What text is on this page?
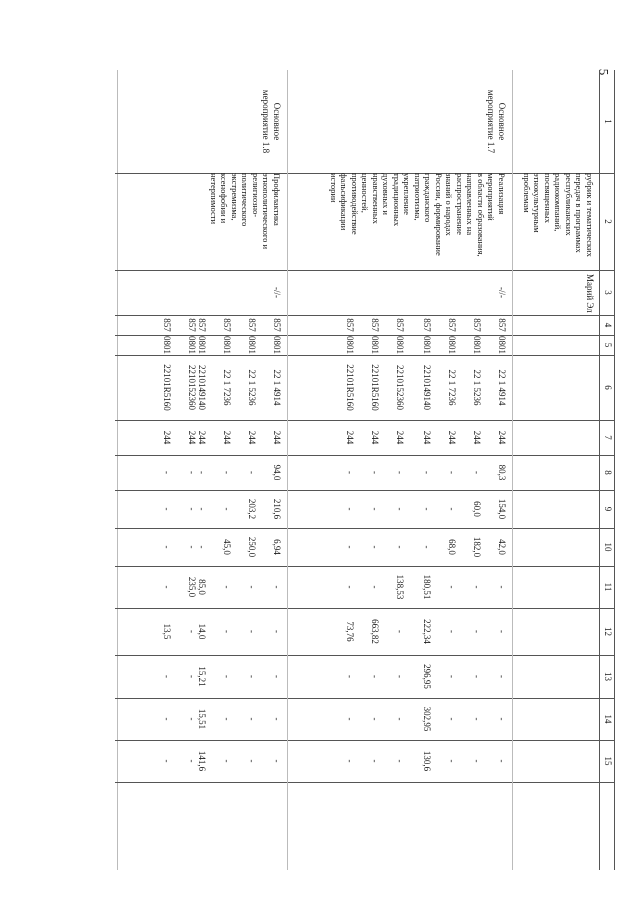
5
1
2
3
4
5
6
7
8
9
10
11
12
13
14
15
рубрик и тематических
передач в программах
республиканских
радиокомпаний,
посвященных
этнокультурным
проблемам
Марий Эл
Основное
мероприятие 1.7
Реализация
мероприятий
в области образования,
направленных на
распространение
знаний о народах
России, формирование
гражданского
патриотизма,
укрепление
традиционных
духовных и
нравственных
ценностей,
противодействие
фальсификации
истории
-//-
857
0801
22 1 4914
244
80,3
154,0
42,0
-
-
-
-
-
857
0801
22 1 5236
244
-
60,0
182,0
-
-
-
-
-
857
0801
22 1 7236
244
-
-
68,0
-
-
-
-
-
857
0801
2210149140
244
-
-
-
180,51
222,34
296,95
302,95
130,6
857
0801
2210152360
244
-
-
-
138,53
-
-
-
-
857
0801
22101R5160
244
-
-
-
-
663,82
-
-
-
857
0801
22101R5160
244
-
-
-
-
73,76
-
-
-
Основное
мероприятие 1.8
Профилактика
этнополитического и
религиозно-
политического
экстремизма,
ксенофобии и
нетерпимости
-//-
857
0801
22 1 4914
244
94,0
210,6
6,94
-
-
-
-
-
857
0801
22 1 5236
244
-
203,2
250,0
-
-
-
-
-
857
0801
22 1 7236
244
-
-
45,0
-
-
-
-
-
857
0801
2210149140
244
-
-
-
85,0
14,0
15,21
15,51
141,6
857
0801
2210152360
244
-
-
-
235,0
-
-
-
-
857
0801
22101R5160
244
-
-
-
-
13,5
-
-
-
